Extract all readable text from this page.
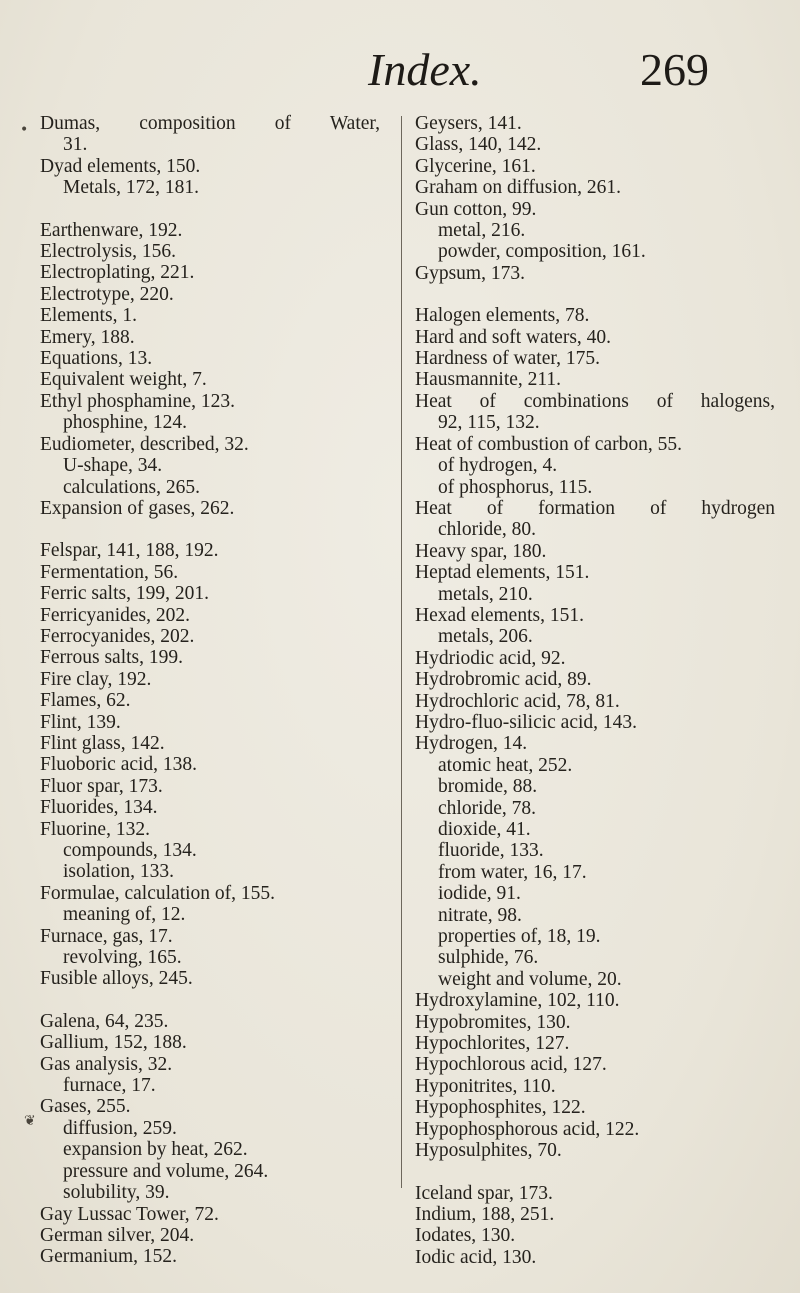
Index.	269
Dumas, composition of Water,
31.
Dyad elements, 150.
Metals, 172, 181.
Earthenware, 192.
Electrolysis, 156.
Electroplating, 221.
Electrotype, 220.
Elements, 1.
Emery, 188.
Equations, 13.
Equivalent weight, 7.
Ethyl phosphamine, 123.
phosphine, 124.
Eudiometer, described, 32.
U-shape, 34.
calculations, 265.
Expansion of gases, 262.
Felspar, 141, 188, 192.
Fermentation, 56.
Ferric salts, 199, 201.
Ferricyanides, 202.
Ferrocyanides, 202.
Ferrous salts, 199.
Fire clay, 192.
Flames, 62.
Flint, 139.
Flint glass, 142.
Fluoboric acid, 138.
Fluor spar, 173.
Fluorides, 134.
Fluorine, 132.
compounds, 134.
isolation, 133.
Formulae, calculation of, 155.
meaning of, 12.
Furnace, gas, 17.
revolving, 165.
Fusible alloys, 245.
Galena, 64, 235.
Gallium, 152, 188.
Gas analysis, 32.
furnace, 17.
Gases, 255.
diffusion, 259.
expansion by heat, 262.
pressure and volume, 264.
solubility, 39.
Gay Lussac Tower, 72.
German silver, 204.
Germanium, 152.
Geysers, 141.
Glass, 140, 142.
Glycerine, 161.
Graham on diffusion, 261.
Gun cotton, 99.
metal, 216.
powder, composition, 161.
Gypsum, 173.
Halogen elements, 78.
Hard and soft waters, 40.
Hardness of water, 175.
Hausmannite, 211.
Heat of combinations of halogens,
92, 115, 132.
Heat of combustion of carbon, 55.
of hydrogen, 4.
of phosphorus, 115.
Heat of formation of hydrogen
chloride, 80.
Heavy spar, 180.
Heptad elements, 151.
metals, 210.
Hexad elements, 151.
metals, 206.
Hydriodic acid, 92.
Hydrobromic acid, 89.
Hydrochloric acid, 78, 81.
Hydro-fluo-silicic acid, 143.
Hydrogen, 14.
atomic heat, 252.
bromide, 88.
chloride, 78.
dioxide, 41.
fluoride, 133.
from water, 16, 17.
iodide, 91.
nitrate, 98.
properties of, 18, 19.
sulphide, 76.
weight and volume, 20.
Hydroxylamine, 102, 110.
Hypobromites, 130.
Hypochlorites, 127.
Hypochlorous acid, 127.
Hyponitrites, 110.
Hypophosphites, 122.
Hypophosphorous acid, 122.
Hyposulphites, 70.
Iceland spar, 173.
Indium, 188, 251.
Iodates, 130.
Iodic acid, 130.
•
❦
